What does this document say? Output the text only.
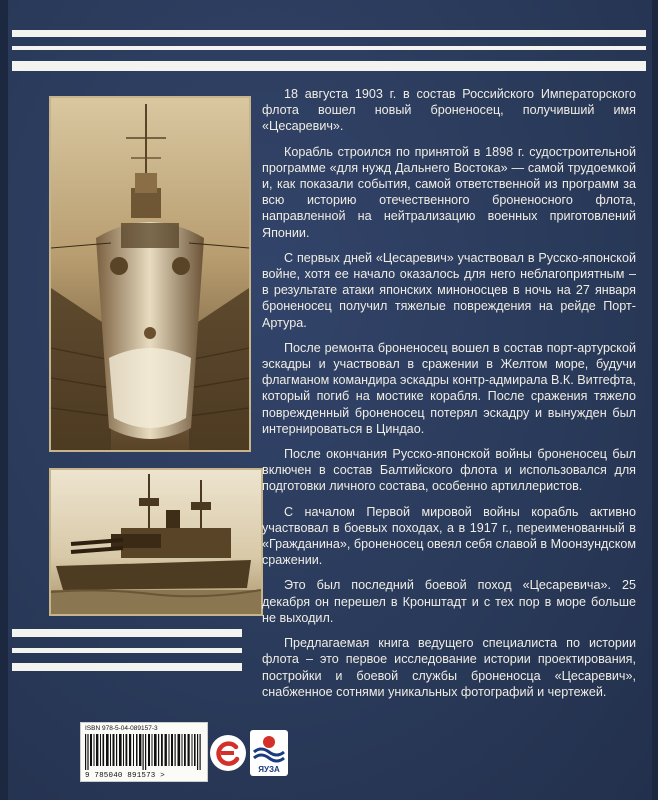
18 августа 1903 г. в состав Российского Императорского флота вошел новый броненосец, получивший имя «Цесаревич».

Корабль строился по принятой в 1898 г. судостроительной программе «для нужд Дальнего Востока» — самой трудоемкой и, как показали события, самой ответственной из программ за всю историю отечественного броненосного флота, направленной на нейтрализацию военных приготовлений Японии.

С первых дней «Цесаревич» участвовал в Русско-японской войне, хотя ее начало оказалось для него неблагоприятным – в результате атаки японских миноносцев в ночь на 27 января броненосец получил тяжелые повреждения на рейде Порт-Артура.

После ремонта броненосец вошел в состав порт-артурской эскадры и участвовал в сражении в Желтом море, будучи флагманом командира эскадры контр-адмирала В.К. Витгефта, который погиб на мостике корабля. После сражения тяжело поврежденный броненосец потерял эскадру и вынужден был интернироваться в Циндао.

После окончания Русско-японской войны броненосец был включен в состав Балтийского флота и использовался для подготовки личного состава, особенно артиллеристов.

С началом Первой мировой войны корабль активно участвовал в боевых походах, а в 1917 г., переименованный в «Гражданина», броненосец овеял себя славой в Моонзундском сражении.

Это был последний боевой поход «Цесаревича». 25 декабря он перешел в Кронштадт и с тех пор в море больше не выходил.

Предлагаемая книга ведущего специалиста по истории флота – это первое исследование истории проектирования, постройки и боевой службы броненосца «Цесаревич», снабженное сотнями уникальных фотографий и чертежей.

ISBN 978-5-04-089157-3
9 785040 891573 >
ЯУЗА
